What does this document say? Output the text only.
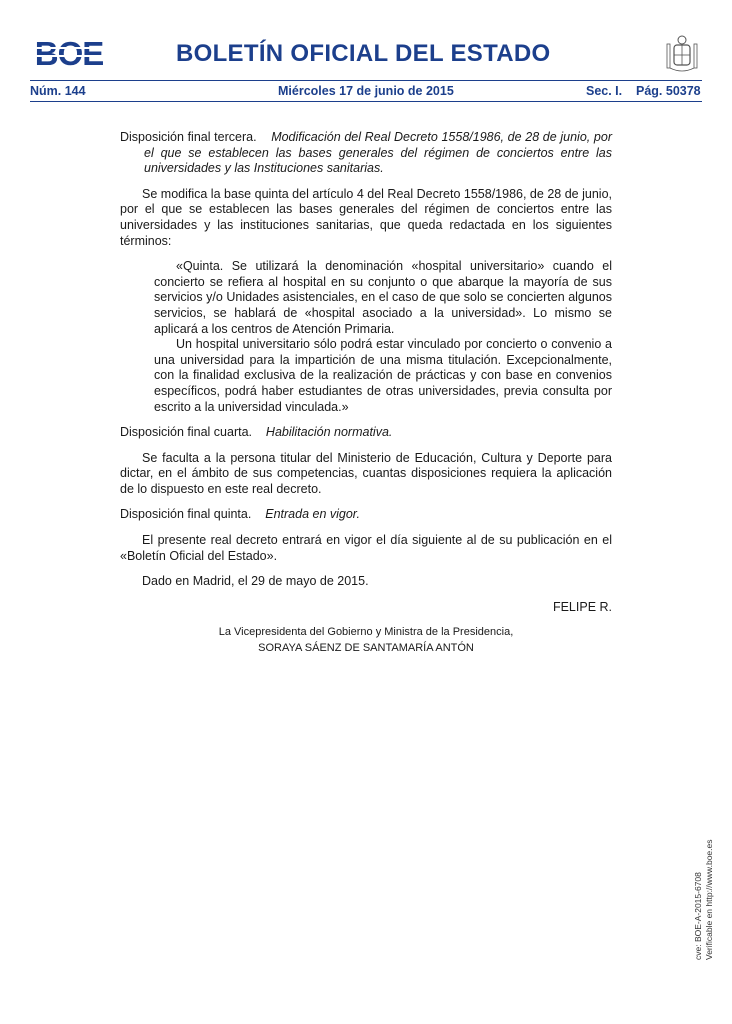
BOE	BOLETÍN OFICIAL DEL ESTADO
Núm. 144	Miércoles 17 de junio de 2015	Sec. I. Pág. 50378

Disposición final tercera. Modificación del Real Decreto 1558/1986, de 28 de junio, por el que se establecen las bases generales del régimen de conciertos entre las universidades y las Instituciones sanitarias.

Se modifica la base quinta del artículo 4 del Real Decreto 1558/1986, de 28 de junio, por el que se establecen las bases generales del régimen de conciertos entre las universidades y las instituciones sanitarias, que queda redactada en los siguientes términos:

«Quinta. Se utilizará la denominación «hospital universitario» cuando el concierto se refiera al hospital en su conjunto o que abarque la mayoría de sus servicios y/o Unidades asistenciales, en el caso de que solo se concierten algunos servicios, se hablará de «hospital asociado a la universidad». Lo mismo se aplicará a los centros de Atención Primaria.

Un hospital universitario sólo podrá estar vinculado por concierto o convenio a una universidad para la impartición de una misma titulación. Excepcionalmente, con la finalidad exclusiva de la realización de prácticas y con base en convenios específicos, podrá haber estudiantes de otras universidades, previa consulta por escrito a la universidad vinculada.»

Disposición final cuarta. Habilitación normativa.

Se faculta a la persona titular del Ministerio de Educación, Cultura y Deporte para dictar, en el ámbito de sus competencias, cuantas disposiciones requiera la aplicación de lo dispuesto en este real decreto.

Disposición final quinta. Entrada en vigor.

El presente real decreto entrará en vigor el día siguiente al de su publicación en el «Boletín Oficial del Estado».

Dado en Madrid, el 29 de mayo de 2015.

FELIPE R.

La Vicepresidenta del Gobierno y Ministra de la Presidencia,
SORAYA SÁENZ DE SANTAMARÍA ANTÓN
cve: BOE-A-2015-6708 Verificable en http://www.boe.es
